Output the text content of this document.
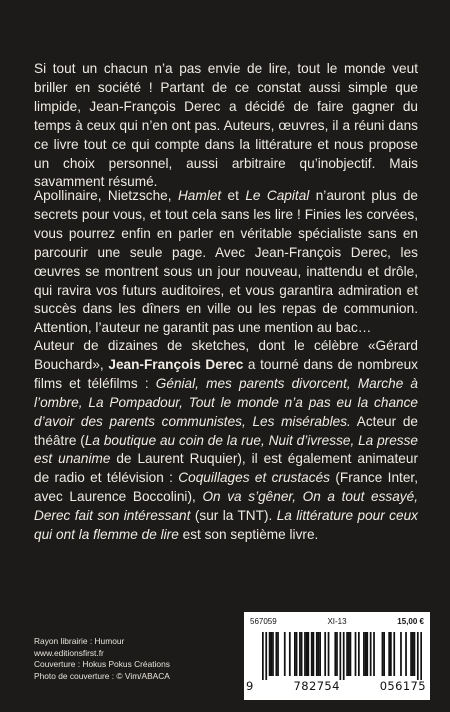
Si tout un chacun n’a pas envie de lire, tout le monde veut briller en société ! Partant de ce constat aussi simple que limpide, Jean-François Derec a décidé de faire gagner du temps à ceux qui n’en ont pas. Auteurs, œuvres, il a réuni dans ce livre tout ce qui compte dans la littérature et nous propose un choix personnel, aussi arbitraire qu’inobjectif. Mais savamment résumé.

Apollinaire, Nietzsche, Hamlet et Le Capital n’auront plus de secrets pour vous, et tout cela sans les lire ! Finies les corvées, vous pourrez enfin en parler en véritable spécialiste sans en parcourir une seule page. Avec Jean-François Derec, les œuvres se montrent sous un jour nouveau, inattendu et drôle, qui ravira vos futurs auditoires, et vous garantira admiration et succès dans les dîners en ville ou les repas de communion. Attention, l’auteur ne garantit pas une mention au bac…

Auteur de dizaines de sketches, dont le célèbre «Gérard Bouchard», Jean-François Derec a tourné dans de nombreux films et téléfilms : Génial, mes parents divorcent, Marche à l’ombre, La Pompadour, Tout le monde n’a pas eu la chance d’avoir des parents communistes, Les misérables. Acteur de théâtre (La boutique au coin de la rue, Nuit d’ivresse, La presse est unanime de Laurent Ruquier), il est également animateur de radio et télévision : Coquillages et crustacés (France Inter, avec Laurence Boccolini), On va s’gêner, On a tout essayé, Derec fait son intéressant (sur la TNT). La littérature pour ceux qui ont la flemme de lire est son septième livre.

Rayon librairie : Humour
www.editionsfirst.fr
Couverture : Hokus Pokus Créations
Photo de couverture : © Vim/ABACA
567059	XI-13	15,00 €
9	782754	056175
